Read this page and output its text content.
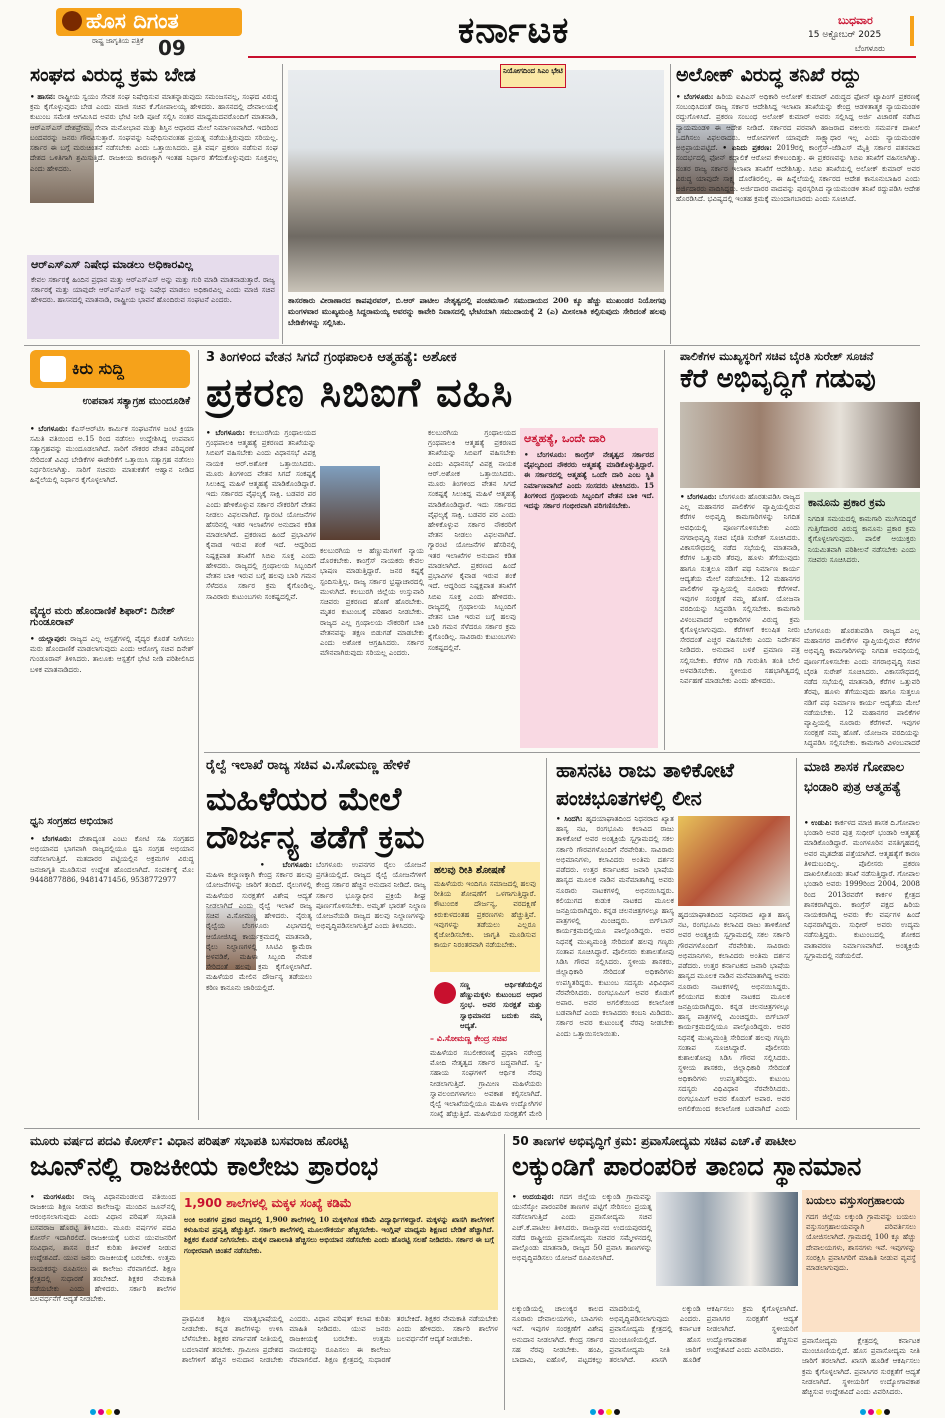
ಹೊಸ ದಿಗಂತ
ರಾಷ್ಟ್ರ ಜಾಗೃತಿಯ ಪತ್ರಿಕೆ 09	ಕರ್ನಾಟಕ	ಬುಧವಾರ
15 ಅಕ್ಟೋಬರ್ 2025
ಬೆಂಗಳೂರು
ಸಂಘದ ವಿರುದ್ಧ ಕ್ರಮ ಬೇಡ
• ಹಾಸನ: ರಾಷ್ಟ್ರೀಯ ಸ್ವಯಂ ಸೇವಕ ಸಂಘ ನಿಷೇಧಿಸುವ ಮಾತನ್ನಾಡುವುದು ಸಮಂಜಸವಲ್ಲ, ಸಂಘದ ವಿರುದ್ಧ ಕ್ರಮ ಕೈಗೊಳ್ಳುವುದು ಬೇಡ ಎಂದು ಮಾಜಿ ಸಚಿವ ಕೆ.ಗೋಪಾಲಯ್ಯ ಹೇಳಿದರು. ಹಾಸನದಲ್ಲಿ ದೇವಾಲಯಕ್ಕೆ ಕುಟುಂಬ ಸಮೇತ ಆಗಮಿಸಿದ ಅವರು ಭೇಟಿ ನೀಡಿ ಪೂಜೆ ಸಲ್ಲಿಸಿ ನಂತರ ಮಾಧ್ಯಮದವರೊಂದಿಗೆ ಮಾತನಾಡಿ, ಆರ್‌ಎಸ್‌ಎಸ್ ದೇಶಪ್ರೇಮ, ಸೇವಾ ಮನೋಭಾವ ಮತ್ತು ಶಿಸ್ತಿನ ಆಧಾರದ ಮೇಲೆ ನಿರ್ಮಾಣವಾಗಿದೆ. ಇದರಿಂದ ಬಂದವರನ್ನು ಜನರು ಗೌರವಿಸುತ್ತಾರೆ. ಸಂಘವನ್ನು ನಿಷೇಧಿಸುವಂತಹ ಪ್ರಯತ್ನ ನಡೆಯುತ್ತಿರುವುದು ಸರಿಯಲ್ಲ. ಸರ್ಕಾರ ಈ ಬಗ್ಗೆ ಮರುಚಿಂತನೆ ನಡೆಸಬೇಕು ಎಂದು ಒತ್ತಾಯಿಸಿದರು. ಪ್ರತಿ ವರ್ಷ ಪ್ರಕರಣ ನಡೆಸುವ ಸಂಘ ದೇಶದ ಒಳಿತಿಗಾಗಿ ಶ್ರಮಿಸುತ್ತಿದೆ. ರಾಜಕೀಯ ಕಾರಣಕ್ಕಾಗಿ ಇಂತಹ ನಿರ್ಧಾರ ತೆಗೆದುಕೊಳ್ಳುವುದು ಸೂಕ್ತವಲ್ಲ ಎಂದು ಹೇಳಿದರು.
ಆರ್‌ಎಸ್‌ಎಸ್ ನಿಷೇಧ ಮಾಡಲು ಅಧಿಕಾರವಿಲ್ಲ
ಕೇವಲ ಸರ್ಕಾರಕ್ಕೆ ಹಿಂದಿನ ಪ್ರಧಾನ ಮತ್ತು ಆರ್‌ಎಸ್‌ಎಸ್ ಅನ್ನು ಮತ್ತು ಗುರಿ ಮಾಡಿ ಮಾತನಾಡುತ್ತಾರೆ. ರಾಜ್ಯ ಸರ್ಕಾರಕ್ಕೆ ಮತ್ತು ಯಾವುದೇ ಆರ್‌ಎಸ್‌ಎಸ್ ಅನ್ನು ನಿಷೇಧ ಮಾಡಲು ಅಧಿಕಾರವಿಲ್ಲ ಎಂದು ಮಾಜಿ ಸಚಿವ ಹೇಳಿದರು. ಹಾಸನದಲ್ಲಿ ಮಾತನಾಡಿ, ರಾಷ್ಟ್ರೀಯ ಭಾವನೆ ಹೊಂದಿರುವ ಸಂಘಟನೆ ಎಂದರು.
ನಿಯೋಗದಿಂದ ಸಿಎಂ ಭೇಟಿ
ತಾಸರಕಾರು ವೀರಾಣಾರದ ಕಾಪಪುರವರ್, ಬಿ.ಆರ್ ಪಾಟೀಲ ನೇತೃತ್ವದಲ್ಲಿ ಪಂಚಮಸಾಲಿ ಸಮುದಾಯದ 200 ಕ್ಕೂ ಹೆಚ್ಚು ಮುಖಂಡರ ನಿಯೋಗವು ಮಂಗಳವಾರ ಮುಖ್ಯಮಂತ್ರಿ ಸಿದ್ದರಾಮಯ್ಯ ಅವರನ್ನು ಕಾವೇರಿ ನಿವಾಸದಲ್ಲಿ ಭೇಟಿಯಾಗಿ ಸಮುದಾಯಕ್ಕೆ 2 (ಎ) ಮೀಸಲಾತಿ ಕಲ್ಪಿಸುವುದು ಸೇರಿದಂತೆ ಹಲವು ಬೇಡಿಕೆಗಳನ್ನು ಸಲ್ಲಿಸಿತು.
ಅಲೋಕ್ ವಿರುದ್ಧ ತನಿಖೆ ರದ್ದು
• ಬೆಂಗಳೂರು: ಹಿರಿಯ ಐಪಿಎಸ್ ಅಧಿಕಾರಿ ಅಲೋಕ್ ಕುಮಾರ್ ವಿರುದ್ಧದ ಫೋನ್ ಟ್ಯಾಪಿಂಗ್ ಪ್ರಕರಣಕ್ಕೆ ಸಂಬಂಧಿಸಿದಂತೆ ರಾಜ್ಯ ಸರ್ಕಾರ ಆದೇಶಿಸಿದ್ದ ಇಲಾಖಾ ತನಿಖೆಯನ್ನು ಕೇಂದ್ರ ಆಡಳಿತಾತ್ಮಕ ನ್ಯಾಯಮಂಡಳಿ ರದ್ದುಗೊಳಿಸಿದೆ. ಪ್ರಕರಣ ಸಂಬಂಧ ಅಲೋಕ್ ಕುಮಾರ್ ಅವರು ಸಲ್ಲಿಸಿದ್ದ ಅರ್ಜಿ ವಿಚಾರಣೆ ನಡೆಸಿದ ನ್ಯಾಯಮಂಡಳಿ ಈ ಆದೇಶ ನೀಡಿದೆ. ಸರ್ಕಾರದ ಪರವಾಗಿ ಹಾಜರಾದ ವಕೀಲರು ಸಮರ್ಪಕ ದಾಖಲೆ ಒದಗಿಸಲು ವಿಫಲರಾದರು. ಆರೋಪಗಳಿಗೆ ಯಾವುದೇ ಸಾಕ್ಷ್ಯಾಧಾರ ಇಲ್ಲ ಎಂದು ನ್ಯಾಯಮಂಡಳಿ ಅಭಿಪ್ರಾಯಪಟ್ಟಿದೆ. • ಏನಿದು ಪ್ರಕರಣ: 2019ರಲ್ಲಿ ಕಾಂಗ್ರೆಸ್–ಜೆಡಿಎಸ್ ಮೈತ್ರಿ ಸರ್ಕಾರ ಪತನವಾದ ಸಂದರ್ಭದಲ್ಲಿ ಫೋನ್ ಕದ್ದಾಲಿಕೆ ಆರೋಪ ಕೇಳಿಬಂದಿತ್ತು. ಈ ಪ್ರಕರಣವನ್ನು ಸಿಬಿಐ ತನಿಖೆಗೆ ವಹಿಸಲಾಗಿತ್ತು. ನಂತರ ರಾಜ್ಯ ಸರ್ಕಾರ ಇಲಾಖಾ ತನಿಖೆಗೆ ಆದೇಶಿಸಿತ್ತು. ಸಿಬಿಐ ತನಿಖೆಯಲ್ಲಿ ಅಲೋಕ್ ಕುಮಾರ್ ಅವರ ವಿರುದ್ಧ ಯಾವುದೇ ಸಾಕ್ಷ್ಯ ದೊರೆತಿರಲಿಲ್ಲ. ಈ ಹಿನ್ನೆಲೆಯಲ್ಲಿ ಸರ್ಕಾರದ ಆದೇಶ ಕಾನೂನುಬಾಹಿರ ಎಂದು ಅರ್ಜಿದಾರರು ವಾದಿಸಿದ್ದರು. ಅರ್ಜಿದಾರರ ವಾದವನ್ನು ಪುರಸ್ಕರಿಸಿದ ನ್ಯಾಯಮಂಡಳಿ ತನಿಖೆ ರದ್ದುಪಡಿಸಿ ಆದೇಶ ಹೊರಡಿಸಿದೆ. ಭವಿಷ್ಯದಲ್ಲಿ ಇಂತಹ ಕ್ರಮಕ್ಕೆ ಮುಂದಾಗಬಾರದು ಎಂದು ಸೂಚಿಸಿದೆ.
ಕಿರು ಸುದ್ದಿ
ಉಪವಾಸ ಸತ್ಯಾಗ್ರಹ ಮುಂದೂಡಿಕೆ
• ಬೆಂಗಳೂರು: ಕೆಎಸ್‌ಆರ್‌ಟಿಸಿ ಕಾರ್ಮಿಕ ಸಂಘಟನೆಗಳ ಜಂಟಿ ಕ್ರಿಯಾ ಸಮಿತಿ ವತಿಯಿಂದ ಅ.15 ರಿಂದ ನಡೆಸಲು ಉದ್ದೇಶಿಸಿದ್ದ ಉಪವಾಸ ಸತ್ಯಾಗ್ರಹವನ್ನು ಮುಂದೂಡಲಾಗಿದೆ. ಸಾರಿಗೆ ನೌಕರರ ವೇತನ ಪರಿಷ್ಕರಣೆ ಸೇರಿದಂತೆ ವಿವಿಧ ಬೇಡಿಕೆಗಳ ಈಡೇರಿಕೆಗೆ ಒತ್ತಾಯಿಸಿ ಸತ್ಯಾಗ್ರಹ ನಡೆಸಲು ನಿರ್ಧರಿಸಲಾಗಿತ್ತು. ಸಾರಿಗೆ ಸಚಿವರು ಮಾತುಕತೆಗೆ ಆಹ್ವಾನ ನೀಡಿದ ಹಿನ್ನೆಲೆಯಲ್ಲಿ ನಿರ್ಧಾರ ಕೈಗೊಳ್ಳಲಾಗಿದೆ.
ವೈದ್ಯರ ಮರು ಹೊಂದಾಣಿಕೆ ಶಿಫಾರ್: ದಿನೇಶ್ ಗುಂಡೂರಾವ್
• ಯಲ್ಲಾಪುರ: ರಾಜ್ಯದ ಎಲ್ಲ ಆಸ್ಪತ್ರೆಗಳಲ್ಲಿ ವೈದ್ಯರ ಕೊರತೆ ನೀಗಿಸಲು ಮರು ಹೊಂದಾಣಿಕೆ ಮಾಡಲಾಗುವುದು ಎಂದು ಆರೋಗ್ಯ ಸಚಿವ ದಿನೇಶ್ ಗುಂಡೂರಾವ್ ತಿಳಿಸಿದರು. ತಾಲೂಕು ಆಸ್ಪತ್ರೆಗೆ ಭೇಟಿ ನೀಡಿ ಪರಿಶೀಲಿಸಿದ ಬಳಿಕ ಮಾತನಾಡಿದರು.
ಧ್ವನಿ ಸಂಗ್ರಹದ ಅಭಿಯಾನ
• ಬೆಂಗಳೂರು: ದೇಶಾದ್ಯಂತ ಎಂಟು ಕೋಟಿ ಸಹಿ ಸಂಗ್ರಹದ ಅಭಿಯಾನದ ಭಾಗವಾಗಿ ರಾಜ್ಯದಲ್ಲಿಯೂ ಧ್ವನಿ ಸಂಗ್ರಹ ಅಭಿಯಾನ ನಡೆಸಲಾಗುತ್ತಿದೆ. ಮತದಾರರ ಪಟ್ಟಿಯಲ್ಲಿನ ಅಕ್ರಮಗಳ ವಿರುದ್ಧ ಜನಜಾಗೃತಿ ಮೂಡಿಸುವ ಉದ್ದೇಶ ಹೊಂದಲಾಗಿದೆ. ಸಂಪರ್ಕಕ್ಕೆ ಮೊ: 9448877886, 9481471456, 9538772977
3 ತಿಂಗಳಿಂದ ವೇತನ ಸಿಗದೆ ಗ್ರಂಥಪಾಲಕಿ ಆತ್ಮಹತ್ಯೆ: ಅಶೋಕ
ಪ್ರಕರಣ ಸಿಬಿಐಗೆ ವಹಿಸಿ
• ಬೆಂಗಳೂರು: ಕಲಬುರಗಿಯ ಗ್ರಂಥಾಲಯದ ಗ್ರಂಥಪಾಲಕಿ ಆತ್ಮಹತ್ಯೆ ಪ್ರಕರಣದ ತನಿಖೆಯನ್ನು ಸಿಬಿಐಗೆ ವಹಿಸಬೇಕು ಎಂದು ವಿಧಾನಸಭೆ ವಿಪಕ್ಷ ನಾಯಕ ಆರ್.ಅಶೋಕ ಒತ್ತಾಯಿಸಿದರು. ಮೂರು ತಿಂಗಳಿಂದ ವೇತನ ಸಿಗದೆ ಸಂಕಷ್ಟಕ್ಕೆ ಸಿಲುಕಿದ್ದ ಮಹಿಳೆ ಆತ್ಮಹತ್ಯೆ ಮಾಡಿಕೊಂಡಿದ್ದಾರೆ. ಇದು ಸರ್ಕಾರದ ವೈಫಲ್ಯಕ್ಕೆ ಸಾಕ್ಷಿ. ಬಡವರ ಪರ ಎಂದು ಹೇಳಿಕೊಳ್ಳುವ ಸರ್ಕಾರ ನೌಕರರಿಗೆ ವೇತನ ನೀಡಲು ವಿಫಲವಾಗಿದೆ. ಗ್ಯಾರಂಟಿ ಯೋಜನೆಗಳ ಹೆಸರಿನಲ್ಲಿ ಇತರ ಇಲಾಖೆಗಳ ಅನುದಾನ ಕಡಿತ ಮಾಡಲಾಗಿದೆ. ಪ್ರಕರಣದ ಹಿಂದೆ ಪ್ರಭಾವಿಗಳ ಕೈವಾಡ ಇರುವ ಶಂಕೆ ಇದೆ. ಆದ್ದರಿಂದ ನಿಷ್ಪಕ್ಷಪಾತ ತನಿಖೆಗೆ ಸಿಬಿಐ ಸೂಕ್ತ ಎಂದು ಹೇಳಿದರು. ರಾಜ್ಯದಲ್ಲಿ ಗ್ರಂಥಾಲಯ ಸಿಬ್ಬಂದಿಗೆ ವೇತನ ಬಾಕಿ ಇರುವ ಬಗ್ಗೆ ಹಲವು ಬಾರಿ ಗಮನ ಸೆಳೆದರೂ ಸರ್ಕಾರ ಕ್ರಮ ಕೈಗೊಂಡಿಲ್ಲ. ಸಾವಿರಾರು ಕುಟುಂಬಗಳು ಸಂಕಷ್ಟದಲ್ಲಿವೆ.
ಕಲಬುರಗಿಯ ಆ ಹೆಣ್ಣುಮಗಳಿಗೆ ನ್ಯಾಯ ದೊರಕಬೇಕು. ಕಾಂಗ್ರೆಸ್ ನಾಯಕರು ಕೇವಲ ಭಾಷಣ ಮಾಡುತ್ತಿದ್ದಾರೆ. ಜನರ ಕಷ್ಟಕ್ಕೆ ಸ್ಪಂದಿಸುತ್ತಿಲ್ಲ. ರಾಜ್ಯ ಸರ್ಕಾರ ಭ್ರಷ್ಟಾಚಾರದಲ್ಲಿ ಮುಳುಗಿದೆ. ಕಲಬುರಗಿ ಜಿಲ್ಲೆಯ ಉಸ್ತುವಾರಿ ಸಚಿವರು ಪ್ರಕರಣದ ಹೊಣೆ ಹೊರಬೇಕು. ಮೃತರ ಕುಟುಂಬಕ್ಕೆ ಪರಿಹಾರ ನೀಡಬೇಕು. ರಾಜ್ಯದ ಎಲ್ಲ ಗ್ರಂಥಾಲಯ ನೌಕರರಿಗೆ ಬಾಕಿ ವೇತನವನ್ನು ತಕ್ಷಣ ಬಿಡುಗಡೆ ಮಾಡಬೇಕು ಎಂದು ಅಶೋಕ ಆಗ್ರಹಿಸಿದರು. ಸರ್ಕಾರ ಮೌನವಾಗಿರುವುದು ಸರಿಯಲ್ಲ ಎಂದರು.
ಕಲಬುರಗಿಯ ಗ್ರಂಥಾಲಯದ ಗ್ರಂಥಪಾಲಕಿ ಆತ್ಮಹತ್ಯೆ ಪ್ರಕರಣದ ತನಿಖೆಯನ್ನು ಸಿಬಿಐಗೆ ವಹಿಸಬೇಕು ಎಂದು ವಿಧಾನಸಭೆ ವಿಪಕ್ಷ ನಾಯಕ ಆರ್.ಅಶೋಕ ಒತ್ತಾಯಿಸಿದರು. ಮೂರು ತಿಂಗಳಿಂದ ವೇತನ ಸಿಗದೆ ಸಂಕಷ್ಟಕ್ಕೆ ಸಿಲುಕಿದ್ದ ಮಹಿಳೆ ಆತ್ಮಹತ್ಯೆ ಮಾಡಿಕೊಂಡಿದ್ದಾರೆ. ಇದು ಸರ್ಕಾರದ ವೈಫಲ್ಯಕ್ಕೆ ಸಾಕ್ಷಿ. ಬಡವರ ಪರ ಎಂದು ಹೇಳಿಕೊಳ್ಳುವ ಸರ್ಕಾರ ನೌಕರರಿಗೆ ವೇತನ ನೀಡಲು ವಿಫಲವಾಗಿದೆ. ಗ್ಯಾರಂಟಿ ಯೋಜನೆಗಳ ಹೆಸರಿನಲ್ಲಿ ಇತರ ಇಲಾಖೆಗಳ ಅನುದಾನ ಕಡಿತ ಮಾಡಲಾಗಿದೆ. ಪ್ರಕರಣದ ಹಿಂದೆ ಪ್ರಭಾವಿಗಳ ಕೈವಾಡ ಇರುವ ಶಂಕೆ ಇದೆ. ಆದ್ದರಿಂದ ನಿಷ್ಪಕ್ಷಪಾತ ತನಿಖೆಗೆ ಸಿಬಿಐ ಸೂಕ್ತ ಎಂದು ಹೇಳಿದರು. ರಾಜ್ಯದಲ್ಲಿ ಗ್ರಂಥಾಲಯ ಸಿಬ್ಬಂದಿಗೆ ವೇತನ ಬಾಕಿ ಇರುವ ಬಗ್ಗೆ ಹಲವು ಬಾರಿ ಗಮನ ಸೆಳೆದರೂ ಸರ್ಕಾರ ಕ್ರಮ ಕೈಗೊಂಡಿಲ್ಲ. ಸಾವಿರಾರು ಕುಟುಂಬಗಳು ಸಂಕಷ್ಟದಲ್ಲಿವೆ.
ಆತ್ಮಹತ್ಯೆ, ಒಂದೇ ದಾರಿ
• ಬೆಂಗಳೂರು: ಕಾಂಗ್ರೆಸ್ ನೇತೃತ್ವದ ಸರ್ಕಾರದ ವೈಫಲ್ಯದಿಂದ ನೌಕರರು ಆತ್ಮಹತ್ಯೆ ಮಾಡಿಕೊಳ್ಳುತ್ತಿದ್ದಾರೆ. ಈ ಸರ್ಕಾರದಲ್ಲಿ ಆತ್ಮಹತ್ಯೆ ಒಂದೇ ದಾರಿ ಎಂಬ ಸ್ಥಿತಿ ನಿರ್ಮಾಣವಾಗಿದೆ ಎಂದು ಸಂಸದರು ಟೀಕಿಸಿದರು. 15 ತಿಂಗಳಿಂದ ಗ್ರಂಥಾಲಯ ಸಿಬ್ಬಂದಿಗೆ ವೇತನ ಬಾಕಿ ಇದೆ. ಇದನ್ನು ಸರ್ಕಾರ ಗಂಭೀರವಾಗಿ ಪರಿಗಣಿಸಬೇಕು.
ಪಾಲಿಕೆಗಳ ಮುಖ್ಯಸ್ಥರಿಗೆ ಸಚಿವ ಬೈರತಿ ಸುರೇಶ್ ಸೂಚನೆ
ಕೆರೆ ಅಭಿವೃದ್ಧಿಗೆ ಗಡುವು
• ಬೆಂಗಳೂರು: ಬೆಂಗಳೂರು ಹೊರತುಪಡಿಸಿ ರಾಜ್ಯದ ಎಲ್ಲ ಮಹಾನಗರ ಪಾಲಿಕೆಗಳ ವ್ಯಾಪ್ತಿಯಲ್ಲಿರುವ ಕೆರೆಗಳ ಅಭಿವೃದ್ಧಿ ಕಾಮಗಾರಿಗಳನ್ನು ನಿಗದಿತ ಅವಧಿಯಲ್ಲಿ ಪೂರ್ಣಗೊಳಿಸಬೇಕು ಎಂದು ನಗರಾಭಿವೃದ್ಧಿ ಸಚಿವ ಬೈರತಿ ಸುರೇಶ್ ಸೂಚಿಸಿದರು. ವಿಕಾಸಸೌಧದಲ್ಲಿ ನಡೆದ ಸಭೆಯಲ್ಲಿ ಮಾತನಾಡಿ, ಕೆರೆಗಳ ಒತ್ತುವರಿ ತೆರವು, ಹೂಳು ತೆಗೆಯುವುದು ಹಾಗೂ ಸುತ್ತಲೂ ನಡಿಗೆ ಪಥ ನಿರ್ಮಾಣ ಕಾರ್ಯ ಆದ್ಯತೆಯ ಮೇಲೆ ನಡೆಯಬೇಕು. 12 ಮಹಾನಗರ ಪಾಲಿಕೆಗಳ ವ್ಯಾಪ್ತಿಯಲ್ಲಿ ನೂರಾರು ಕೆರೆಗಳಿವೆ. ಇವುಗಳ ಸಂರಕ್ಷಣೆ ನಮ್ಮ ಹೊಣೆ. ಯೋಜನಾ ವರದಿಯನ್ನು ಸಿದ್ಧಪಡಿಸಿ ಸಲ್ಲಿಸಬೇಕು. ಕಾಮಗಾರಿ ವಿಳಂಬವಾದರೆ ಅಧಿಕಾರಿಗಳ ವಿರುದ್ಧ ಕ್ರಮ ಕೈಗೊಳ್ಳಲಾಗುವುದು. ಕೆರೆಗಳಿಗೆ ಕಲುಷಿತ ನೀರು ಸೇರದಂತೆ ಎಚ್ಚರ ವಹಿಸಬೇಕು ಎಂದು ನಿರ್ದೇಶನ ನೀಡಿದರು. ಅನುದಾನ ಬಳಕೆ ಪ್ರಮಾಣ ಪತ್ರ ಸಲ್ಲಿಸಬೇಕು. ಕೆರೆಗಳ ಗಡಿ ಗುರುತಿಸಿ ತಂತಿ ಬೇಲಿ ಅಳವಡಿಸಬೇಕು. ಸ್ಥಳೀಯರ ಸಹಭಾಗಿತ್ವದಲ್ಲಿ ನಿರ್ವಹಣೆ ಮಾಡಬೇಕು ಎಂದು ಹೇಳಿದರು.
ಕಾನೂನು ಪ್ರಕಾರ ಕ್ರಮ
ನಿಗದಿತ ಸಮಯದಲ್ಲಿ ಕಾಮಗಾರಿ ಮುಗಿಸದಿದ್ದರೆ ಗುತ್ತಿಗೆದಾರರ ವಿರುದ್ಧ ಕಾನೂನು ಪ್ರಕಾರ ಕ್ರಮ ಕೈಗೊಳ್ಳಲಾಗುವುದು. ಪಾಲಿಕೆ ಆಯುಕ್ತರು ನಿಯಮಿತವಾಗಿ ಪರಿಶೀಲನೆ ನಡೆಸಬೇಕು ಎಂದು ಸಚಿವರು ಸೂಚಿಸಿದರು.
ಬೆಂಗಳೂರು ಹೊರತುಪಡಿಸಿ ರಾಜ್ಯದ ಎಲ್ಲ ಮಹಾನಗರ ಪಾಲಿಕೆಗಳ ವ್ಯಾಪ್ತಿಯಲ್ಲಿರುವ ಕೆರೆಗಳ ಅಭಿವೃದ್ಧಿ ಕಾಮಗಾರಿಗಳನ್ನು ನಿಗದಿತ ಅವಧಿಯಲ್ಲಿ ಪೂರ್ಣಗೊಳಿಸಬೇಕು ಎಂದು ನಗರಾಭಿವೃದ್ಧಿ ಸಚಿವ ಬೈರತಿ ಸುರೇಶ್ ಸೂಚಿಸಿದರು. ವಿಕಾಸಸೌಧದಲ್ಲಿ ನಡೆದ ಸಭೆಯಲ್ಲಿ ಮಾತನಾಡಿ, ಕೆರೆಗಳ ಒತ್ತುವರಿ ತೆರವು, ಹೂಳು ತೆಗೆಯುವುದು ಹಾಗೂ ಸುತ್ತಲೂ ನಡಿಗೆ ಪಥ ನಿರ್ಮಾಣ ಕಾರ್ಯ ಆದ್ಯತೆಯ ಮೇಲೆ ನಡೆಯಬೇಕು. 12 ಮಹಾನಗರ ಪಾಲಿಕೆಗಳ ವ್ಯಾಪ್ತಿಯಲ್ಲಿ ನೂರಾರು ಕೆರೆಗಳಿವೆ. ಇವುಗಳ ಸಂರಕ್ಷಣೆ ನಮ್ಮ ಹೊಣೆ. ಯೋಜನಾ ವರದಿಯನ್ನು ಸಿದ್ಧಪಡಿಸಿ ಸಲ್ಲಿಸಬೇಕು. ಕಾಮಗಾರಿ ವಿಳಂಬವಾದರೆ
ರೈಲ್ವೆ ಇಲಾಖೆ ರಾಜ್ಯ ಸಚಿವ ವಿ.ಸೋಮಣ್ಣ ಹೇಳಿಕೆ
ಮಹಿಳೆಯರ ಮೇಲೆ
ದೌರ್ಜನ್ಯ ತಡೆಗೆ ಕ್ರಮ
• ಬೆಂಗಳೂರು: ಮಹಿಳಾ ಕಲ್ಯಾಣಕ್ಕಾಗಿ ಕೇಂದ್ರ ಸರ್ಕಾರ ಹಲವು ಯೋಜನೆಗಳನ್ನು ಜಾರಿಗೆ ತಂದಿದೆ. ರೈಲುಗಳಲ್ಲಿ ಮಹಿಳೆಯರ ಸುರಕ್ಷತೆಗೆ ವಿಶೇಷ ಆದ್ಯತೆ ನೀಡಲಾಗಿದೆ ಎಂದು ರೈಲ್ವೆ ಇಲಾಖೆ ರಾಜ್ಯ ಸಚಿವ ವಿ.ಸೋಮಣ್ಣ ಹೇಳಿದರು. ನೈರುತ್ಯ ರೈಲ್ವೆಯ ಬೆಂಗಳೂರು ವಿಭಾಗದಲ್ಲಿ ಆಯೋಜಿಸಿದ್ದ ಕಾರ್ಯಕ್ರಮದಲ್ಲಿ ಮಾತನಾಡಿ, ರೈಲು ನಿಲ್ದಾಣಗಳಲ್ಲಿ ಸಿಸಿಟಿವಿ ಕ್ಯಾಮೆರಾ ಅಳವಡಿಕೆ, ಮಹಿಳಾ ಸಿಬ್ಬಂದಿ ನೇಮಕ ಸೇರಿದಂತೆ ಹಲವು ಕ್ರಮ ಕೈಗೊಳ್ಳಲಾಗಿದೆ. ಮಹಿಳೆಯರ ಮೇಲಿನ ದೌರ್ಜನ್ಯ ತಡೆಯಲು ಕಠಿಣ ಕಾನೂನು ಜಾರಿಯಲ್ಲಿದೆ.
ಬೆಂಗಳೂರು ಉಪನಗರ ರೈಲು ಯೋಜನೆ ಪ್ರಗತಿಯಲ್ಲಿದೆ. ರಾಜ್ಯದ ರೈಲ್ವೆ ಯೋಜನೆಗಳಿಗೆ ಕೇಂದ್ರ ಸರ್ಕಾರ ಹೆಚ್ಚಿನ ಅನುದಾನ ನೀಡಿದೆ. ರಾಜ್ಯ ಸರ್ಕಾರ ಭೂಸ್ವಾಧೀನ ಪ್ರಕ್ರಿಯೆ ಶೀಘ್ರ ಪೂರ್ಣಗೊಳಿಸಬೇಕು. ಅಮೃತ್ ಭಾರತ್ ನಿಲ್ದಾಣ ಯೋಜನೆಯಡಿ ರಾಜ್ಯದ ಹಲವು ನಿಲ್ದಾಣಗಳನ್ನು ಅಭಿವೃದ್ಧಿಪಡಿಸಲಾಗುತ್ತಿದೆ ಎಂದು ತಿಳಿಸಿದರು.
ಹಲವು ರೀತಿ ಶೋಷಣೆ
ಮಹಿಳೆಯರು ಇಂದಿಗೂ ಸಮಾಜದಲ್ಲಿ ಹಲವು ರೀತಿಯ ಶೋಷಣೆಗೆ ಒಳಗಾಗುತ್ತಿದ್ದಾರೆ. ಕೌಟುಂಬಿಕ ದೌರ್ಜನ್ಯ, ವರದಕ್ಷಿಣೆ ಕಿರುಕುಳದಂತಹ ಪ್ರಕರಣಗಳು ಹೆಚ್ಚುತ್ತಿವೆ. ಇವುಗಳನ್ನು ತಡೆಯಲು ಎಲ್ಲರೂ ಕೈಜೋಡಿಸಬೇಕು. ಜಾಗೃತಿ ಮೂಡಿಸುವ ಕಾರ್ಯ ನಿರಂತರವಾಗಿ ನಡೆಯಬೇಕು.
ಸಣ್ಣ ಆರ್ಥಿಕತೆಯಲ್ಲಿನ ಹೆಣ್ಣುಮಕ್ಕಳು ಕುಟುಂಬದ ಆಧಾರ ಸ್ತಂಭ. ಅವರ ಸುರಕ್ಷತೆ ಮತ್ತು ಸ್ವಾಭಿಮಾನದ ಬದುಕು ನಮ್ಮ ಆದ್ಯತೆ.
– ವಿ.ಸೋಮಣ್ಣ ಕೇಂದ್ರ ಸಚಿವ
ಮಹಿಳೆಯರ ಸಬಲೀಕರಣಕ್ಕೆ ಪ್ರಧಾನಿ ನರೇಂದ್ರ ಮೋದಿ ನೇತೃತ್ವದ ಸರ್ಕಾರ ಬದ್ಧವಾಗಿದೆ. ಸ್ವ-ಸಹಾಯ ಸಂಘಗಳಿಗೆ ಆರ್ಥಿಕ ನೆರವು ನೀಡಲಾಗುತ್ತಿದೆ. ಗ್ರಾಮೀಣ ಮಹಿಳೆಯರು ಸ್ವಾವಲಂಬಿಗಳಾಗಲು ಅವಕಾಶ ಕಲ್ಪಿಸಲಾಗಿದೆ. ರೈಲ್ವೆ ಇಲಾಖೆಯಲ್ಲಿಯೂ ಮಹಿಳಾ ಉದ್ಯೋಗಿಗಳ ಸಂಖ್ಯೆ ಹೆಚ್ಚುತ್ತಿದೆ. ಮಹಿಳೆಯರ ಸುರಕ್ಷತೆಗೆ ಮೇರಿ
ಹಾಸನಟ ರಾಜು ತಾಳಿಕೋಟೆ
ಪಂಚಭೂತಗಳಲ್ಲಿ ಲೀನ
• ಸಿಂದಗಿ: ಹೃದಯಾಘಾತದಿಂದ ನಿಧನರಾದ ಖ್ಯಾತ ಹಾಸ್ಯ ನಟ, ರಂಗಭೂಮಿ ಕಲಾವಿದ ರಾಜು ತಾಳಿಕೋಟೆ ಅವರ ಅಂತ್ಯಕ್ರಿಯೆ ಸ್ವಗ್ರಾಮದಲ್ಲಿ ಸಕಲ ಸರ್ಕಾರಿ ಗೌರವಗಳೊಂದಿಗೆ ನೆರವೇರಿತು. ಸಾವಿರಾರು ಅಭಿಮಾನಿಗಳು, ಕಲಾವಿದರು ಅಂತಿಮ ದರ್ಶನ ಪಡೆದರು. ಉತ್ತರ ಕರ್ನಾಟಕದ ಜವಾರಿ ಭಾಷೆಯ ಹಾಸ್ಯದ ಮೂಲಕ ನಾಡಿನ ಮನೆಮಾತಾಗಿದ್ದ ಅವರು ನೂರಾರು ನಾಟಕಗಳಲ್ಲಿ ಅಭಿನಯಿಸಿದ್ದರು. ಕಲಿಯುಗದ ಕುಡುಕ ನಾಟಕದ ಮೂಲಕ ಜನಪ್ರಿಯರಾಗಿದ್ದರು. ಕನ್ನಡ ಚಲನಚಿತ್ರಗಳಲ್ಲೂ ಹಾಸ್ಯ ಪಾತ್ರಗಳಲ್ಲಿ ಮಿಂಚಿದ್ದರು. ಬಿಗ್‌ಬಾಸ್ ಕಾರ್ಯಕ್ರಮದಲ್ಲಿಯೂ ಪಾಲ್ಗೊಂಡಿದ್ದರು. ಅವರ ನಿಧನಕ್ಕೆ ಮುಖ್ಯಮಂತ್ರಿ ಸೇರಿದಂತೆ ಹಲವು ಗಣ್ಯರು ಸಂತಾಪ ಸೂಚಿಸಿದ್ದಾರೆ. ಪೊಲೀಸರು ಕುಶಾಲತೋಪು ಸಿಡಿಸಿ ಗೌರವ ಸಲ್ಲಿಸಿದರು. ಸ್ಥಳೀಯ ಶಾಸಕರು, ಜಿಲ್ಲಾಧಿಕಾರಿ ಸೇರಿದಂತೆ ಅಧಿಕಾರಿಗಳು ಉಪಸ್ಥಿತರಿದ್ದರು. ಕುಟುಂಬ ಸದಸ್ಯರು ವಿಧಿವಿಧಾನ ನೆರವೇರಿಸಿದರು. ರಂಗಭೂಮಿಗೆ ಅವರ ಕೊಡುಗೆ ಅಪಾರ. ಅವರ ಅಗಲಿಕೆಯಿಂದ ಕಲಾಲೋಕ ಬಡವಾಗಿದೆ ಎಂದು ಕಲಾವಿದರು ಕಂಬನಿ ಮಿಡಿದರು. ಸರ್ಕಾರ ಅವರ ಕುಟುಂಬಕ್ಕೆ ನೆರವು ನೀಡಬೇಕು ಎಂದು ಒತ್ತಾಯಿಸಲಾಯಿತು.
ಹೃದಯಾಘಾತದಿಂದ ನಿಧನರಾದ ಖ್ಯಾತ ಹಾಸ್ಯ ನಟ, ರಂಗಭೂಮಿ ಕಲಾವಿದ ರಾಜು ತಾಳಿಕೋಟೆ ಅವರ ಅಂತ್ಯಕ್ರಿಯೆ ಸ್ವಗ್ರಾಮದಲ್ಲಿ ಸಕಲ ಸರ್ಕಾರಿ ಗೌರವಗಳೊಂದಿಗೆ ನೆರವೇರಿತು. ಸಾವಿರಾರು ಅಭಿಮಾನಿಗಳು, ಕಲಾವಿದರು ಅಂತಿಮ ದರ್ಶನ ಪಡೆದರು. ಉತ್ತರ ಕರ್ನಾಟಕದ ಜವಾರಿ ಭಾಷೆಯ ಹಾಸ್ಯದ ಮೂಲಕ ನಾಡಿನ ಮನೆಮಾತಾಗಿದ್ದ ಅವರು ನೂರಾರು ನಾಟಕಗಳಲ್ಲಿ ಅಭಿನಯಿಸಿದ್ದರು. ಕಲಿಯುಗದ ಕುಡುಕ ನಾಟಕದ ಮೂಲಕ ಜನಪ್ರಿಯರಾಗಿದ್ದರು. ಕನ್ನಡ ಚಲನಚಿತ್ರಗಳಲ್ಲೂ ಹಾಸ್ಯ ಪಾತ್ರಗಳಲ್ಲಿ ಮಿಂಚಿದ್ದರು. ಬಿಗ್‌ಬಾಸ್ ಕಾರ್ಯಕ್ರಮದಲ್ಲಿಯೂ ಪಾಲ್ಗೊಂಡಿದ್ದರು. ಅವರ ನಿಧನಕ್ಕೆ ಮುಖ್ಯಮಂತ್ರಿ ಸೇರಿದಂತೆ ಹಲವು ಗಣ್ಯರು ಸಂತಾಪ ಸೂಚಿಸಿದ್ದಾರೆ. ಪೊಲೀಸರು ಕುಶಾಲತೋಪು ಸಿಡಿಸಿ ಗೌರವ ಸಲ್ಲಿಸಿದರು. ಸ್ಥಳೀಯ ಶಾಸಕರು, ಜಿಲ್ಲಾಧಿಕಾರಿ ಸೇರಿದಂತೆ ಅಧಿಕಾರಿಗಳು ಉಪಸ್ಥಿತರಿದ್ದರು. ಕುಟುಂಬ ಸದಸ್ಯರು ವಿಧಿವಿಧಾನ ನೆರವೇರಿಸಿದರು. ರಂಗಭೂಮಿಗೆ ಅವರ ಕೊಡುಗೆ ಅಪಾರ. ಅವರ ಅಗಲಿಕೆಯಿಂದ ಕಲಾಲೋಕ ಬಡವಾಗಿದೆ ಎಂದು
ಮಾಜಿ ಶಾಸಕ ಗೋಪಾಲ ಭಂಡಾರಿ ಪುತ್ರ ಆತ್ಮಹತ್ಯೆ
• ಉಡುಪಿ: ಕಾರ್ಕಳದ ಮಾಜಿ ಶಾಸಕ ದಿ.ಗೋಪಾಲ ಭಂಡಾರಿ ಅವರ ಪುತ್ರ ಸುಧೀರ್ ಭಂಡಾರಿ ಆತ್ಮಹತ್ಯೆ ಮಾಡಿಕೊಂಡಿದ್ದಾರೆ. ಮಂಗಳೂರಿನ ವಸತಿಗೃಹದಲ್ಲಿ ಅವರ ಮೃತದೇಹ ಪತ್ತೆಯಾಗಿದೆ. ಆತ್ಮಹತ್ಯೆಗೆ ಕಾರಣ ತಿಳಿದುಬಂದಿಲ್ಲ. ಪೊಲೀಸರು ಪ್ರಕರಣ ದಾಖಲಿಸಿಕೊಂಡು ತನಿಖೆ ನಡೆಸುತ್ತಿದ್ದಾರೆ. ಗೋಪಾಲ ಭಂಡಾರಿ ಅವರು 1999ರಿಂದ 2004, 2008 ರಿಂದ 2013ರವರೆಗೆ ಕಾರ್ಕಳ ಕ್ಷೇತ್ರದ ಶಾಸಕರಾಗಿದ್ದರು. ಕಾಂಗ್ರೆಸ್ ಪಕ್ಷದ ಹಿರಿಯ ನಾಯಕರಾಗಿದ್ದ ಅವರು ಕೆಲ ವರ್ಷಗಳ ಹಿಂದೆ ನಿಧನರಾಗಿದ್ದರು. ಸುಧೀರ್ ಅವರು ಉದ್ಯಮ ನಡೆಸುತ್ತಿದ್ದರು. ಕುಟುಂಬದಲ್ಲಿ ಶೋಕದ ವಾತಾವರಣ ನಿರ್ಮಾಣವಾಗಿದೆ. ಅಂತ್ಯಕ್ರಿಯೆ ಸ್ವಗ್ರಾಮದಲ್ಲಿ ನಡೆಯಲಿದೆ.
ಮೂರು ವರ್ಷದ ಪದವಿ ಕೋರ್ಸ್: ವಿಧಾನ ಪರಿಷತ್ ಸಭಾಪತಿ ಬಸವರಾಜ ಹೊರಟ್ಟಿ
ಜೂನ್‌ನಲ್ಲಿ ರಾಜಕೀಯ ಕಾಲೇಜು ಪ್ರಾರಂಭ
• ಮಂಗಳೂರು: ರಾಜ್ಯ ವಿಧಾನಮಂಡಲದ ವತಿಯಿಂದ ರಾಜಕೀಯ ಶಿಕ್ಷಣ ನೀಡುವ ಕಾಲೇಜನ್ನು ಮುಂದಿನ ಜೂನ್‌ನಲ್ಲಿ ಆರಂಭಿಸಲಾಗುವುದು ಎಂದು ವಿಧಾನ ಪರಿಷತ್ ಸಭಾಪತಿ ಬಸವರಾಜ ಹೊರಟ್ಟಿ ತಿಳಿಸಿದರು. ಮೂರು ವರ್ಷಗಳ ಪದವಿ ಕೋರ್ಸ್ ಇದಾಗಿರಲಿದೆ. ರಾಜಕೀಯಕ್ಕೆ ಬರುವ ಯುವಜನರಿಗೆ ಸಂವಿಧಾನ, ಶಾಸನ ರಚನೆ ಕುರಿತು ತಿಳಿವಳಿಕೆ ನೀಡುವ ಉದ್ದೇಶವಿದೆ. ಯುವ ಜನರು ರಾಜಕೀಯಕ್ಕೆ ಬರಬೇಕು. ಉತ್ತಮ ನಾಯಕರನ್ನು ರೂಪಿಸಲು ಈ ಕಾಲೇಜು ನೆರವಾಗಲಿದೆ. ಶಿಕ್ಷಣ ಕ್ಷೇತ್ರದಲ್ಲಿ ಸುಧಾರಣೆ ತರಬೇಕಿದೆ. ಶಿಕ್ಷಕರ ನೇಮಕಾತಿ ನಡೆಯಬೇಕು ಎಂದು ಹೇಳಿದರು. ಸರ್ಕಾರಿ ಶಾಲೆಗಳ ಬಲವರ್ಧನೆಗೆ ಆದ್ಯತೆ ನೀಡಬೇಕು.
1,900 ಶಾಲೆಗಳಲ್ಲಿ ಮಕ್ಕಳ ಸಂಖ್ಯೆ ಕಡಿಮೆ
ಅಂಕಿ ಅಂಶಗಳ ಪ್ರಕಾರ ರಾಜ್ಯದಲ್ಲಿ 1,900 ಶಾಲೆಗಳಲ್ಲಿ 10 ಮಕ್ಕಳಿಗಿಂತ ಕಡಿಮೆ ವಿದ್ಯಾರ್ಥಿಗಳಿದ್ದಾರೆ. ಮಕ್ಕಳನ್ನು ಖಾಸಗಿ ಶಾಲೆಗಳಿಗೆ ಕಳುಹಿಸುವ ಪ್ರವೃತ್ತಿ ಹೆಚ್ಚುತ್ತಿದೆ. ಸರ್ಕಾರಿ ಶಾಲೆಗಳಲ್ಲಿ ಮೂಲಸೌಕರ್ಯ ಹೆಚ್ಚಿಸಬೇಕು. ಇಂಗ್ಲಿಷ್ ಮಾಧ್ಯಮ ಶಿಕ್ಷಣದ ಬೇಡಿಕೆ ಹೆಚ್ಚಾಗಿದೆ. ಶಿಕ್ಷಕರ ಕೊರತೆ ನೀಗಿಸಬೇಕು. ಮಕ್ಕಳ ದಾಖಲಾತಿ ಹೆಚ್ಚಿಸಲು ಅಭಿಯಾನ ನಡೆಸಬೇಕು ಎಂದು ಹೊರಟ್ಟಿ ಸಲಹೆ ನೀಡಿದರು. ಸರ್ಕಾರ ಈ ಬಗ್ಗೆ ಗಂಭೀರವಾಗಿ ಚಿಂತನೆ ನಡೆಸಬೇಕು.
ಪ್ರಾಥಮಿಕ ಶಿಕ್ಷಣ ಮಾತೃಭಾಷೆಯಲ್ಲಿ ನೀಡಬೇಕು. ಕನ್ನಡ ಶಾಲೆಗಳನ್ನು ಉಳಿಸಿ ಬೆಳೆಸಬೇಕು. ಶಿಕ್ಷಕರ ವರ್ಗಾವಣೆ ನೀತಿಯಲ್ಲಿ ಬದಲಾವಣೆ ತರಬೇಕು. ಗ್ರಾಮೀಣ ಪ್ರದೇಶದ ಶಾಲೆಗಳಿಗೆ ಹೆಚ್ಚಿನ ಅನುದಾನ ನೀಡಬೇಕು ಎಂದರು. ವಿಧಾನ ಪರಿಷತ್ ಕಲಾಪ ಕುರಿತು ಮಾಹಿತಿ ನೀಡಿದರು. ಯುವ ಜನರು ರಾಜಕೀಯಕ್ಕೆ ಬರಬೇಕು. ಉತ್ತಮ ನಾಯಕರನ್ನು ರೂಪಿಸಲು ಈ ಕಾಲೇಜು ನೆರವಾಗಲಿದೆ. ಶಿಕ್ಷಣ ಕ್ಷೇತ್ರದಲ್ಲಿ ಸುಧಾರಣೆ ತರಬೇಕಿದೆ. ಶಿಕ್ಷಕರ ನೇಮಕಾತಿ ನಡೆಯಬೇಕು ಎಂದು ಹೇಳಿದರು. ಸರ್ಕಾರಿ ಶಾಲೆಗಳ ಬಲವರ್ಧನೆಗೆ ಆದ್ಯತೆ ನೀಡಬೇಕು.
50 ತಾಣಗಳ ಅಭಿವೃದ್ಧಿಗೆ ಕ್ರಮ: ಪ್ರವಾಸೋದ್ಯಮ ಸಚಿವ ಎಚ್.ಕೆ ಪಾಟೀಲ
ಲಕ್ಕುಂಡಿಗೆ ಪಾರಂಪರಿಕ ತಾಣದ ಸ್ಥಾನಮಾನ
• ಉದಯಪುರ: ಗದಗ ಜಿಲ್ಲೆಯ ಲಕ್ಕುಂಡಿ ಗ್ರಾಮವನ್ನು ಯುನೆಸ್ಕೋ ಪಾರಂಪರಿಕ ತಾಣಗಳ ಪಟ್ಟಿಗೆ ಸೇರಿಸಲು ಪ್ರಯತ್ನ ನಡೆಸಲಾಗುತ್ತಿದೆ ಎಂದು ಪ್ರವಾಸೋದ್ಯಮ ಸಚಿವ ಎಚ್.ಕೆ.ಪಾಟೀಲ ತಿಳಿಸಿದರು. ರಾಜಸ್ಥಾನದ ಉದಯಪುರದಲ್ಲಿ ನಡೆದ ರಾಷ್ಟ್ರೀಯ ಪ್ರವಾಸೋದ್ಯಮ ಸಚಿವರ ಸಮ್ಮೇಳನದಲ್ಲಿ ಪಾಲ್ಗೊಂಡು ಮಾತನಾಡಿ, ರಾಜ್ಯದ 50 ಪ್ರವಾಸಿ ತಾಣಗಳನ್ನು ಅಭಿವೃದ್ಧಿಪಡಿಸಲು ಯೋಜನೆ ರೂಪಿಸಲಾಗಿದೆ.
ಲಕ್ಕುಂಡಿಯಲ್ಲಿ ಚಾಲುಕ್ಯರ ಕಾಲದ ನೂರಾರು ದೇವಾಲಯಗಳು, ಬಾವಿಗಳು ಇವೆ. ಇವುಗಳ ಸಂರಕ್ಷಣೆಗೆ ವಿಶೇಷ ಅನುದಾನ ನೀಡಲಾಗಿದೆ. ಕೇಂದ್ರ ಸರ್ಕಾರ ಸಹ ನೆರವು ನೀಡಬೇಕು. ಹಂಪಿ, ಬಾದಾಮಿ, ಐಹೊಳೆ, ಪಟ್ಟದಕಲ್ಲು ಮಾದರಿಯಲ್ಲಿ ಲಕ್ಕುಂಡಿ ಅಭಿವೃದ್ಧಿಪಡಿಸಲಾಗುವುದು ಎಂದರು. ಪ್ರವಾಸೋದ್ಯಮ ಕ್ಷೇತ್ರದಲ್ಲಿ ಕರ್ನಾಟಕ ಮುಂಚೂಣಿಯಲ್ಲಿದೆ. ಹೊಸ ಪ್ರವಾಸೋದ್ಯಮ ನೀತಿ ಜಾರಿಗೆ ತರಲಾಗಿದೆ. ಖಾಸಗಿ ಹೂಡಿಕೆ ಆಕರ್ಷಿಸಲು ಕ್ರಮ ಕೈಗೊಳ್ಳಲಾಗಿದೆ. ಪ್ರವಾಸಿಗರ ಸುರಕ್ಷತೆಗೆ ಆದ್ಯತೆ ನೀಡಲಾಗಿದೆ. ಸ್ಥಳೀಯರಿಗೆ ಉದ್ಯೋಗಾವಕಾಶ ಹೆಚ್ಚಿಸುವ ಉದ್ದೇಶವಿದೆ ಎಂದು ವಿವರಿಸಿದರು.
ಬಯಲು ವಸ್ತುಸಂಗ್ರಹಾಲಯ
ಗದಗ ಜಿಲ್ಲೆಯ ಲಕ್ಕುಂಡಿ ಗ್ರಾಮವನ್ನು ಬಯಲು ವಸ್ತುಸಂಗ್ರಹಾಲಯವನ್ನಾಗಿ ಪರಿವರ್ತಿಸಲು ಯೋಜಿಸಲಾಗಿದೆ. ಗ್ರಾಮದಲ್ಲಿ 100 ಕ್ಕೂ ಹೆಚ್ಚು ದೇವಾಲಯಗಳು, ಶಾಸನಗಳು ಇವೆ. ಇವುಗಳನ್ನು ಸಂರಕ್ಷಿಸಿ ಪ್ರವಾಸಿಗರಿಗೆ ಮಾಹಿತಿ ನೀಡುವ ವ್ಯವಸ್ಥೆ ಮಾಡಲಾಗುವುದು.
ಪ್ರವಾಸೋದ್ಯಮ ಕ್ಷೇತ್ರದಲ್ಲಿ ಕರ್ನಾಟಕ ಮುಂಚೂಣಿಯಲ್ಲಿದೆ. ಹೊಸ ಪ್ರವಾಸೋದ್ಯಮ ನೀತಿ ಜಾರಿಗೆ ತರಲಾಗಿದೆ. ಖಾಸಗಿ ಹೂಡಿಕೆ ಆಕರ್ಷಿಸಲು ಕ್ರಮ ಕೈಗೊಳ್ಳಲಾಗಿದೆ. ಪ್ರವಾಸಿಗರ ಸುರಕ್ಷತೆಗೆ ಆದ್ಯತೆ ನೀಡಲಾಗಿದೆ. ಸ್ಥಳೀಯರಿಗೆ ಉದ್ಯೋಗಾವಕಾಶ ಹೆಚ್ಚಿಸುವ ಉದ್ದೇಶವಿದೆ ಎಂದು ವಿವರಿಸಿದರು.
